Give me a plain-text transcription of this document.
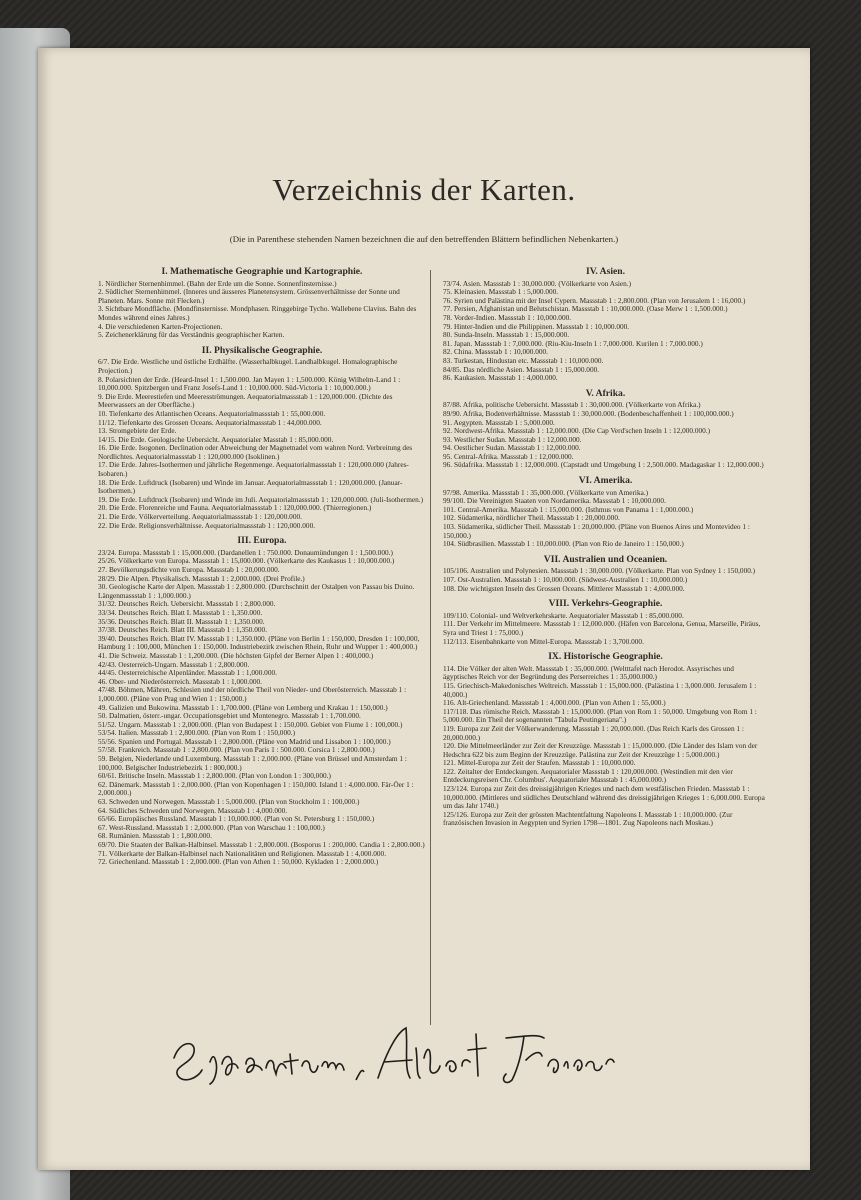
Verzeichnis der Karten.
(Die in Parenthese stehenden Namen bezeichnen die auf den betreffenden Blättern befindlichen Nebenkarten.)
I. Mathematische Geographie und Kartographie.
1. Nördlicher Sternenhimmel. (Bahn der Erde um die Sonne. Sonnenfinsternisse.)
2. Südlicher Sternenhimmel. (Inneres und äusseres Planetensystem. Grössenverhältnisse der Sonne und Planeten. Mars. Sonne mit Flecken.)
3. Sichtbare Mondfläche. (Mondfinsternisse. Mondphasen. Ringgebirge Tycho. Wallebene Clavius. Bahn des Mondes während eines Jahres.)
4. Die verschiedenen Karten-Projectionen.
5. Zeichenerklärung für das Verständnis geographischer Karten.
II. Physikalische Geographie.
6/7. Die Erde. Westliche und östliche Erdhälfte. (Wasserhalbkugel. Landhalbkugel. Homalographische Projection.)
8. Polarsichten der Erde. (Heard-Insel 1 : 1,500.000. Jan Mayen 1 : 1,500.000. König Wilhelm-Land 1 : 10,000.000. Spitzbergen und Franz Josefs-Land 1 : 10,000.000. Süd-Victoria 1 : 10,000.000.)
9. Die Erde. Meerestiefen und Meeresströmungen. Aequatorialmassstab 1 : 120,000.000. (Dichte des Meerwassers an der Oberfläche.)
10. Tiefenkarte des Atlantischen Oceans. Aequatorialmassstab 1 : 55,000.000.
11/12. Tiefenkarte des Grossen Oceans. Aequatorialmassstab 1 : 44,000.000.
13. Stromgebiete der Erde.
14/15. Die Erde. Geologische Uebersicht. Aequatorialer Masstab 1 : 85,000.000.
16. Die Erde. Isogonen. Declination oder Abweichung der Magnetnadel vom wahren Nord. Verbreitung des Nordlichtes. Aequatorialmassstab 1 : 120,000.000 (Isoklinen.)
17. Die Erde. Jahres-Isothermen und jährliche Regenmenge. Aequatorialmassstab 1 : 120,000.000 (Jahres-Isobaren.)
18. Die Erde. Luftdruck (Isobaren) und Winde im Januar. Aequatorialmassstab 1 : 120,000.000. (Januar-Isothermen.)
19. Die Erde. Luftdruck (Isobaren) und Winde im Juli. Aequatorialmassstab 1 : 120,000.000. (Juli-Isothermen.)
20. Die Erde. Florenreiche und Fauna. Aequatorialmassstab 1 : 120,000.000. (Thierregionen.)
21. Die Erde. Völkerverteilung. Aequatorialmassstab 1 : 120,000.000.
22. Die Erde. Religionsverhältnisse. Aequatorialmassstab 1 : 120,000.000.
III. Europa.
23/24. Europa. Massstab 1 : 15,000.000. (Dardanellen 1 : 750.000. Donaumündungen 1 : 1,500.000.)
25/26. Völkerkarte von Europa. Massstab 1 : 15,000.000. (Völkerkarte des Kaukasus 1 : 10,000.000.)
27. Bevölkerungsdichte von Europa. Massstab 1 : 20,000.000.
28/29. Die Alpen. Physikalisch. Massstab 1 : 2,000.000. (Drei Profile.)
30. Geologische Karte der Alpen. Massstab 1 : 2,800.000. (Durchschnitt der Ostalpen von Passau bis Duino. Längenmassstab 1 : 1,000.000.)
31/32. Deutsches Reich. Uebersicht. Massstab 1 : 2,800.000.
33/34. Deutsches Reich. Blatt I. Massstab 1 : 1,350.000.
35/36. Deutsches Reich. Blatt II. Massstab 1 : 1,350.000.
37/38. Deutsches Reich. Blatt III. Massstab 1 : 1,350.000.
39/40. Deutsches Reich. Blatt IV. Massstab 1 : 1,350.000. (Pläne von Berlin 1 : 150,000, Dresden 1 : 100,000, Hamburg 1 : 100,000, München 1 : 150,000. Industriebezirk zwischen Rhein, Ruhr und Wupper 1 : 400,000.)
41. Die Schweiz. Massstab 1 : 1,200.000. (Die höchsten Gipfel der Berner Alpen 1 : 400,000.)
42/43. Oesterreich-Ungarn. Massstab 1 : 2,800.000.
44/45. Oesterreichische Alpenländer. Massstab 1 : 1,000.000.
46. Ober- und Niederösterreich. Massstab 1 : 1,000.000.
47/48. Böhmen, Mähren, Schlesien und der nördliche Theil von Nieder- und Oberösterreich. Massstab 1 : 1,000.000. (Pläne von Prag und Wien 1 : 150,000.)
49. Galizien und Bukowina. Massstab 1 : 1,700.000. (Pläne von Lemberg und Krakau 1 : 150,000.)
50. Dalmatien, österr.-ungar. Occupationsgebiet und Montenegro. Massstab 1 : 1,700.000.
51/52. Ungarn. Massstab 1 : 2,000.000. (Plan von Budapest 1 : 150,000. Gebiet von Fiume 1 : 100,000.)
53/54. Italien. Massstab 1 : 2,800.000. (Plan von Rom 1 : 150,000.)
55/56. Spanien und Portugal. Massstab 1 : 2,800.000. (Pläne von Madrid und Lissabon 1 : 100,000.)
57/58. Frankreich. Massstab 1 : 2,800.000. (Plan von Paris 1 : 500.000. Corsica 1 : 2,800.000.)
59. Belgien, Niederlande und Luxemburg. Massstab 1 : 2,000.000. (Pläne von Brüssel und Amsterdam 1 : 100,000. Belgischer Industriebezirk 1 : 800,000.)
60/61. Britische Inseln. Massstab 1 : 2,800.000. (Plan von London 1 : 300,000.)
62. Dänemark. Massstab 1 : 2,000.000. (Plan von Kopenhagen 1 : 150,000. Island 1 : 4,000.000. Fär-Öer 1 : 2,000.000.)
63. Schweden und Norwegen. Massstab 1 : 5,000.000. (Plan von Stockholm 1 : 100,000.)
64. Südliches Schweden und Norwegen. Massstab 1 : 4,000.000.
65/66. Europäisches Russland. Massstab 1 : 10,000.000. (Plan von St. Petersburg 1 : 150,000.)
67. West-Russland. Massstab 1 : 2,000.000. (Plan von Warschau 1 : 100,000.)
68. Rumänien. Massstab 1 : 1,800.000.
69/70. Die Staaten der Balkan-Halbinsel. Massstab 1 : 2,800.000. (Bosporus 1 : 200,000. Candia 1 : 2,800.000.)
71. Völkerkarte der Balkan-Halbinsel nach Nationalitäten und Religionen. Massstab 1 : 4,000.000.
72. Griechenland. Massstab 1 : 2,000.000. (Plan von Athen 1 : 50,000. Kykladen 1 : 2,000.000.)
IV. Asien.
73/74. Asien. Massstab 1 : 30,000.000. (Völkerkarte von Asien.)
75. Kleinasien. Massstab 1 : 5,000.000.
76. Syrien und Palästina mit der Insel Cypern. Massstab 1 : 2,800.000. (Plan von Jerusalem 1 : 16,000.)
77. Persien, Afghanistan und Belutschistan. Massstab 1 : 10,000.000. (Oase Merw 1 : 1,500.000.)
78. Vorder-Indien. Massstab 1 : 10,000.000.
79. Hinter-Indien und die Philippinen. Massstab 1 : 10,000.000.
80. Sunda-Inseln. Massstab 1 : 15,000.000.
81. Japan. Massstab 1 : 7,000.000. (Riu-Kiu-Inseln 1 : 7,000.000. Kurilen 1 : 7,000.000.)
82. China. Massstab 1 : 10,000.000.
83. Turkestan, Hindustan etc. Massstab 1 : 10,000.000.
84/85. Das nördliche Asien. Massstab 1 : 15,000.000.
86. Kaukasien. Massstab 1 : 4,000.000.
V. Afrika.
87/88. Afrika, politische Uebersicht. Massstab 1 : 30,000.000. (Völkerkarte von Afrika.)
89/90. Afrika, Bodenverhältnisse. Massstab 1 : 30,000.000. (Bodenbeschaffenheit 1 : 100,000.000.)
91. Aegypten. Massstab 1 : 5,000.000.
92. Nordwest-Afrika. Massstab 1 : 12,000.000. (Die Cap Verd'schen Inseln 1 : 12,000.000.)
93. Westlicher Sudan. Massstab 1 : 12,000.000.
94. Oestlicher Sudan. Massstab 1 : 12,000.000.
95. Central-Afrika. Massstab 1 : 12,000.000.
96. Südafrika. Massstab 1 : 12,000.000. (Capstadt und Umgebung 1 : 2,500.000. Madagaskar 1 : 12,000.000.)
VI. Amerika.
97/98. Amerika. Massstab 1 : 35,000.000. (Völkerkarte von Amerika.)
99/100. Die Vereinigten Staaten von Nordamerika. Massstab 1 : 10,000.000.
101. Central-Amerika. Massstab 1 : 15,000.000. (Isthmus von Panama 1 : 1,000.000.)
102. Südamerika, nördlicher Theil. Massstab 1 : 20,000.000.
103. Südamerika, südlicher Theil. Massstab 1 : 20,000.000. (Pläne von Buenos Aires und Montevideo 1 : 150,000.)
104. Südbrasilien. Massstab 1 : 10,000.000. (Plan von Rio de Janeiro 1 : 150,000.)
VII. Australien und Oceanien.
105/106. Australien und Polynesien. Massstab 1 : 30,000.000. (Völkerkarte. Plan von Sydney 1 : 150,000.)
107. Ost-Australien. Massstab 1 : 10,000.000. (Südwest-Australien 1 : 10,000.000.)
108. Die wichtigsten Inseln des Grossen Oceans. Mittlerer Massstab 1 : 4,000.000.
VIII. Verkehrs-Geographie.
109/110. Colonial- und Weltverkehrskarte. Aequatorialer Massstab 1 : 85,000.000.
111. Der Verkehr im Mittelmeere. Massstab 1 : 12,000.000. (Häfen von Barcelona, Genua, Marseille, Piräus, Syra und Triest 1 : 75,000.)
112/113. Eisenbahnkarte von Mittel-Europa. Massstab 1 : 3,700.000.
IX. Historische Geographie.
114. Die Völker der alten Welt. Massstab 1 : 35,000.000. (Weltttafel nach Herodot. Assyrisches und ägyptisches Reich vor der Begründung des Perserreiches 1 : 35,000.000.)
115. Griechisch-Makedonisches Weltreich. Massstab 1 : 15,000.000. (Palästina 1 : 3,000.000. Jerusalem 1 : 40,000.)
116. Alt-Griechenland. Massstab 1 : 4,000.000. (Plan von Athen 1 : 55,000.)
117/118. Das römische Reich. Massstab 1 : 15,000.000. (Plan von Rom 1 : 50,000. Umgebung von Rom 1 : 5,000.000. Ein Theil der sogenannten "Tabula Peutingeriana".)
119. Europa zur Zeit der Völkerwanderung. Massstab 1 : 20,000.000. (Das Reich Karls des Grossen 1 : 20,000.000.)
120. Die Mittelmeerländer zur Zeit der Kreuzzüge. Massstab 1 : 15,000.000. (Die Länder des Islam von der Hedschra 622 bis zum Beginn der Kreuzzüge. Palästina zur Zeit der Kreuzzüge 1 : 5,000.000.)
121. Mittel-Europa zur Zeit der Staufen. Massstab 1 : 10,000.000.
122. Zeitalter der Entdeckungen. Aequatorialer Massstab 1 : 120,000.000. (Westindien mit den vier Entdeckungsreisen Chr. Columbus'. Aequatorialer Massstab 1 : 45,000.000.)
123/124. Europa zur Zeit des dreissigjährigen Krieges und nach dem westfälischen Frieden. Massstab 1 : 10,000.000. (Mittleres und südliches Deutschland während des dreissigjährigen Krieges 1 : 6,000.000. Europa um das Jahr 1740.)
125/126. Europa zur Zeit der grössten Machtentfaltung Napoleons I. Massstab 1 : 10,000.000. (Zur französischen Invasion in Aegypten und Syrien 1798—1801. Zug Napoleons nach Moskau.)
